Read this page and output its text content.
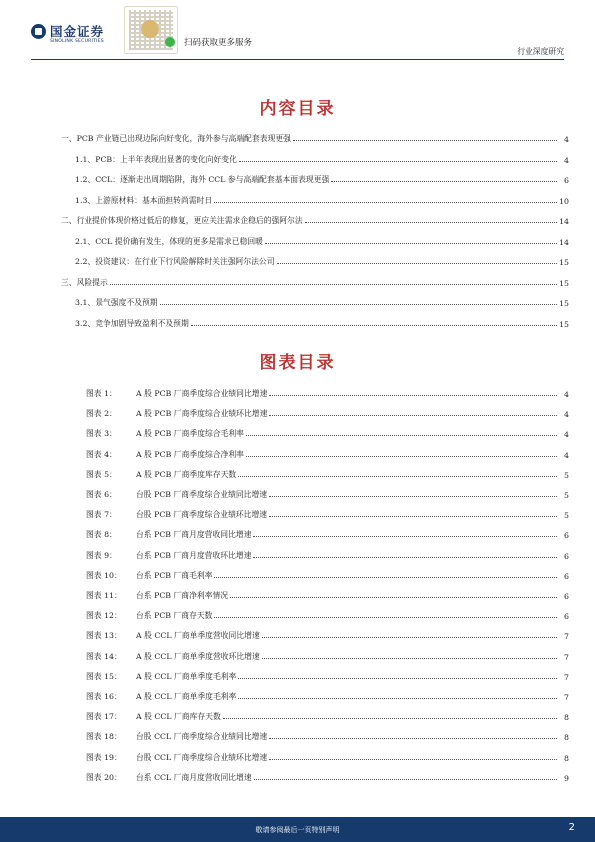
国金证券
SINOLINK SECURITIES	扫码获取更多服务
行业深度研究
内容目录
一、PCB 产业链已出现边际向好变化，海外参与高端配套表现更强	4
1.1、PCB：上半年表现出显著的变化向好变化	4
1.2、CCL：逐渐走出周期陷阱，海外 CCL 参与高端配套基本面表现更强	6
1.3、上游原材料：基本面担转尚需时日	10
二、行业提价体现价格过低后的修复，更应关注需求企稳后的强阿尔法	14
2.1、CCL 提价确有发生，体现的更多是需求已稳回暖	14
2.2、投资建议：在行业下行风险解除时关注强阿尔法公司	15
三、风险提示	15
3.1、景气强度不及预期	15
3.2、竞争加剧导致盈利不及预期	15
图表目录
图表 1：	A 股 PCB 厂商季度综合业绩同比增速	4
图表 2：	A 股 PCB 厂商季度综合业绩环比增速	4
图表 3：	A 股 PCB 厂商季度综合毛利率	4
图表 4：	A 股 PCB 厂商季度综合净利率	4
图表 5：	A 股 PCB 厂商季度库存天数	5
图表 6：	台股 PCB 厂商季度综合业绩同比增速	5
图表 7：	台股 PCB 厂商季度综合业绩环比增速	5
图表 8：	台系 PCB 厂商月度营收同比增速	6
图表 9：	台系 PCB 厂商月度营收环比增速	6
图表 10：	台系 PCB 厂商毛利率	6
图表 11：	台系 PCB 厂商净利率情况	6
图表 12：	台系 PCB 厂商存天数	6
图表 13：	A 股 CCL 厂商单季度营收同比增速	7
图表 14：	A 股 CCL 厂商单季度营收环比增速	7
图表 15：	A 股 CCL 厂商单季度毛利率	7
图表 16：	A 股 CCL 厂商单季度毛利率	7
图表 17：	A 股 CCL 厂商库存天数	8
图表 18：	台股 CCL 厂商季度综合业绩同比增速	8
图表 19：	台股 CCL 厂商季度综合业绩环比增速	8
图表 20：	台系 CCL 厂商月度营收同比增速	9
敬请参阅最后一页特别声明	2
